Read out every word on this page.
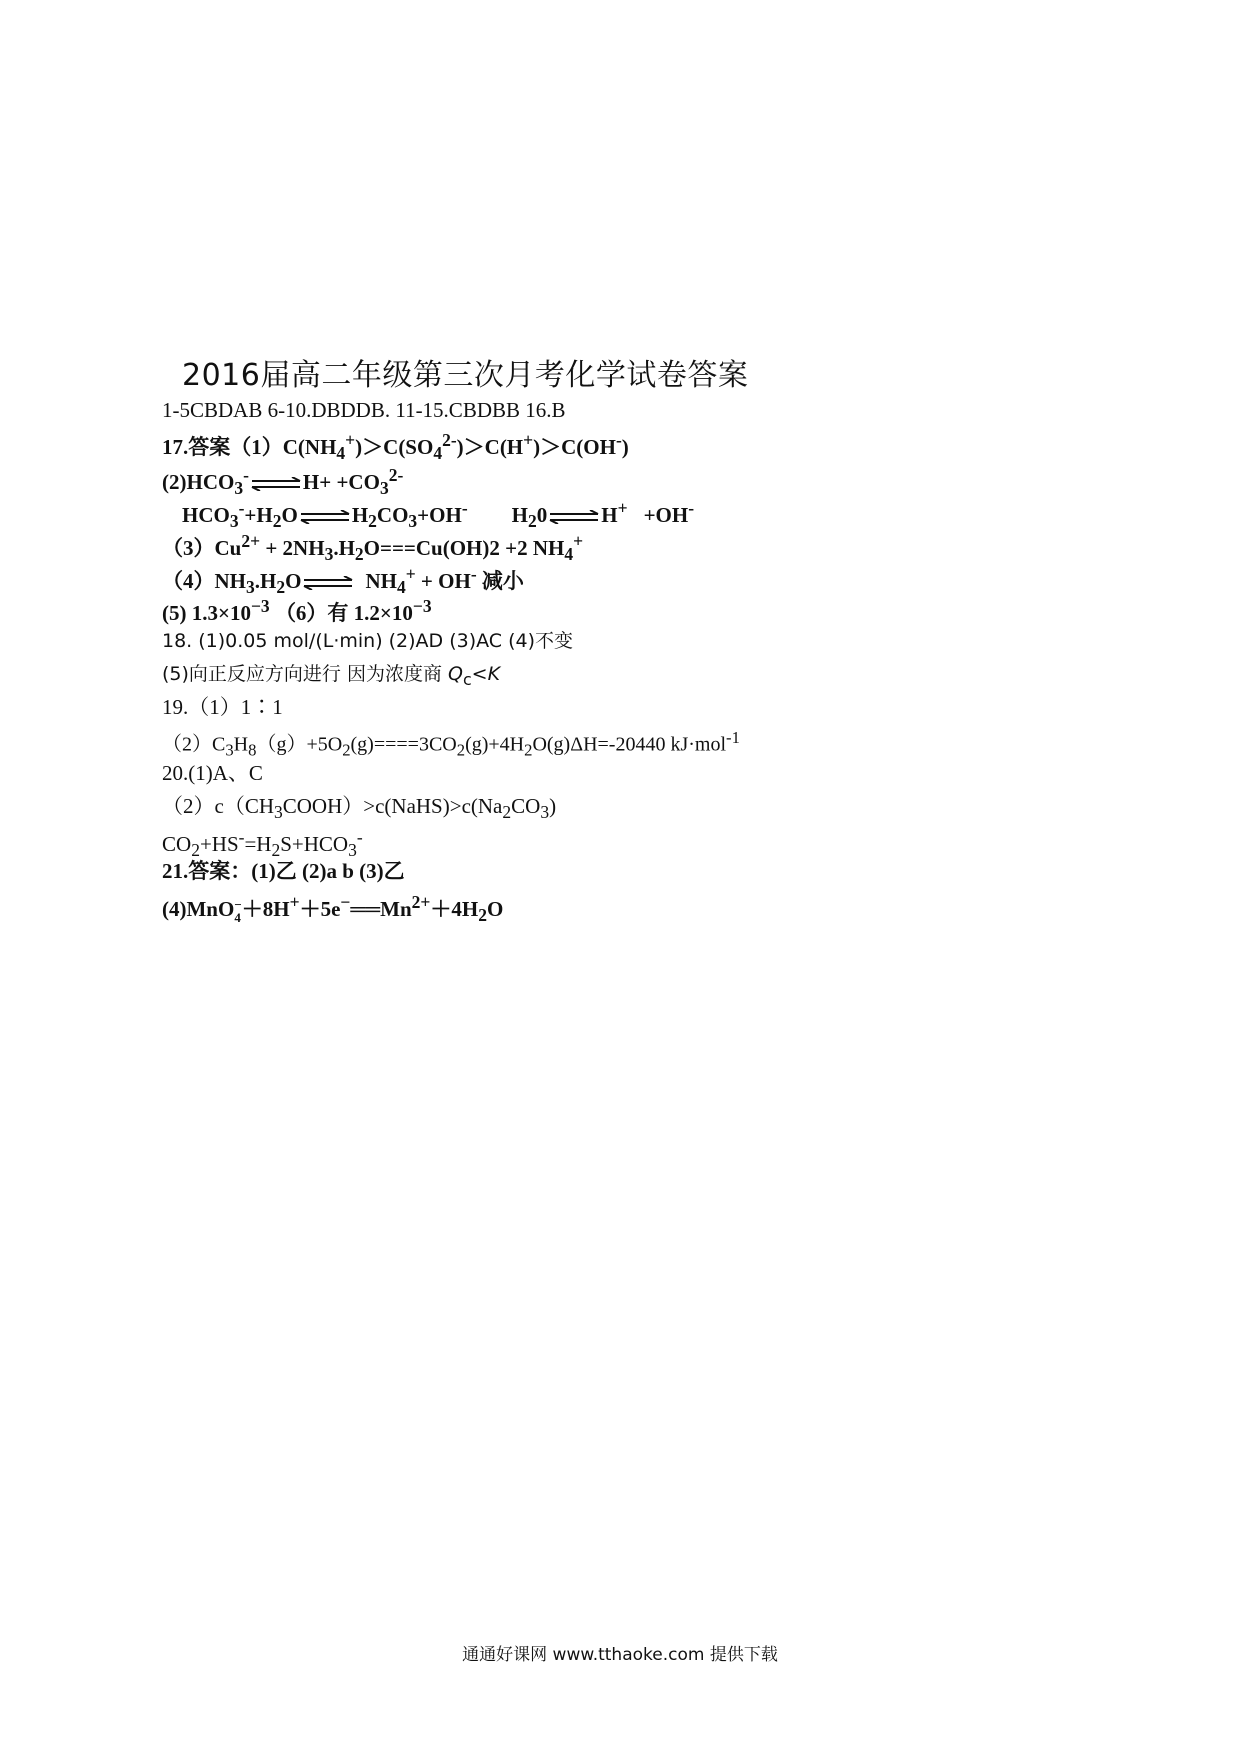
2016届高二年级第三次月考化学试卷答案
1-5CBDAB 6-10.DBDDB. 11-15.CBDBB 16.B
17.答案$(1)C(NH_4^+)>C(SO_4^{2-})>C(H^+)>C(OH^-)$
$(2)HCO_3^-\rightleftharpoons H+ +CO_3^{2-}$
$HCO_3^-+H_2O\rightleftharpoons H_2CO_3+OH^-$ $H_20\rightleftharpoons H^+ +OH^-$
$(3)Cu^{2+} + 2NH_3.H_2O===Cu(OH)2 +2$ $NH_4^+$
$(4)NH_3.H_2O\rightleftharpoons$ $NH_4^+ + OH^-$ 减小
(5) $1.3\times 10^{-3}$ （6）有 $1.2\times 10^{-3}$
18. (1)0.05 mol/(L·min) (2)AD (3)AC (4)不变
(5)向正反应方向进行 因为浓度商 $Q_c<K$
19.（1）1∶1
$(2)C_3H_8(g)+5O_2(g)====3CO_2(g)+4H_2O(g)\Delta H=-20440$ kJ·mol$^{-1}$
20.(1)A、C
$(2)c(CH_3COOH)>c(NaHS)>c(Na_2CO_3)$
$CO_2+HS^-=H_2S+HCO_3^-$
21.答案：(1)乙 (2)a b (3)乙
(4)MnO −
$4 +8H^++5e^-══Mn^{2+}+4H_2O$
通通好课网 www.tthaoke.com 提供下载
